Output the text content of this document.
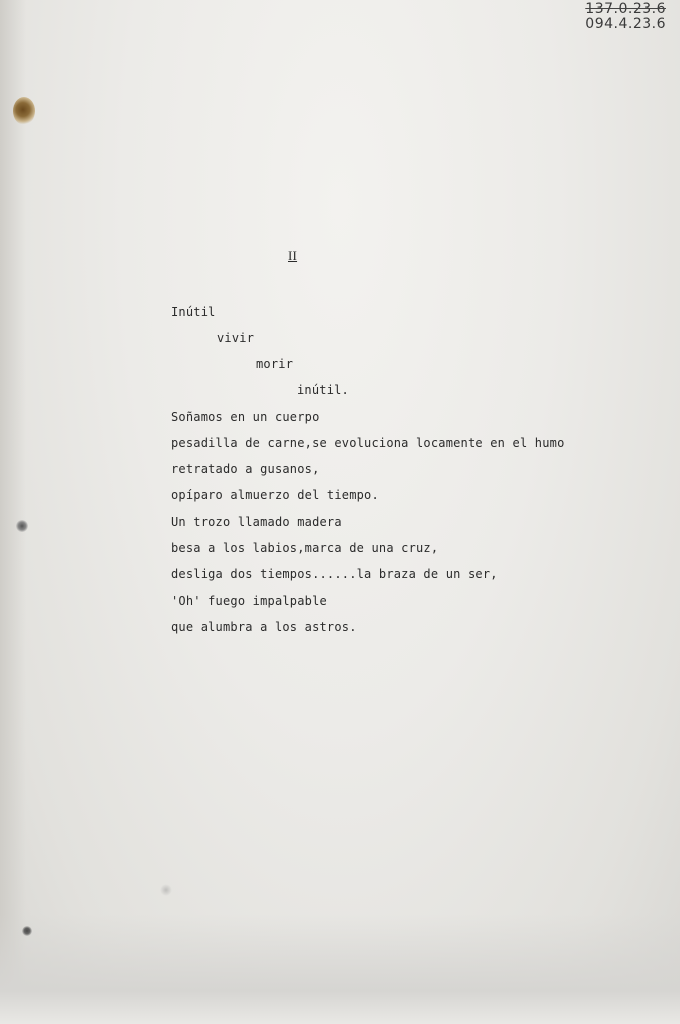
137.0.23.6
094.4.23.6
II
Inútil
vivir
morir
inútil.
Soñamos en un cuerpo
pesadilla de carne,se evoluciona locamente en el humo
retratado a gusanos,
opíparo almuerzo del tiempo.
Un trozo llamado madera
besa a los labios,marca de una cruz,
desliga dos tiempos......la braza de un ser,
'Oh' fuego impalpable
que alumbra a los astros.
